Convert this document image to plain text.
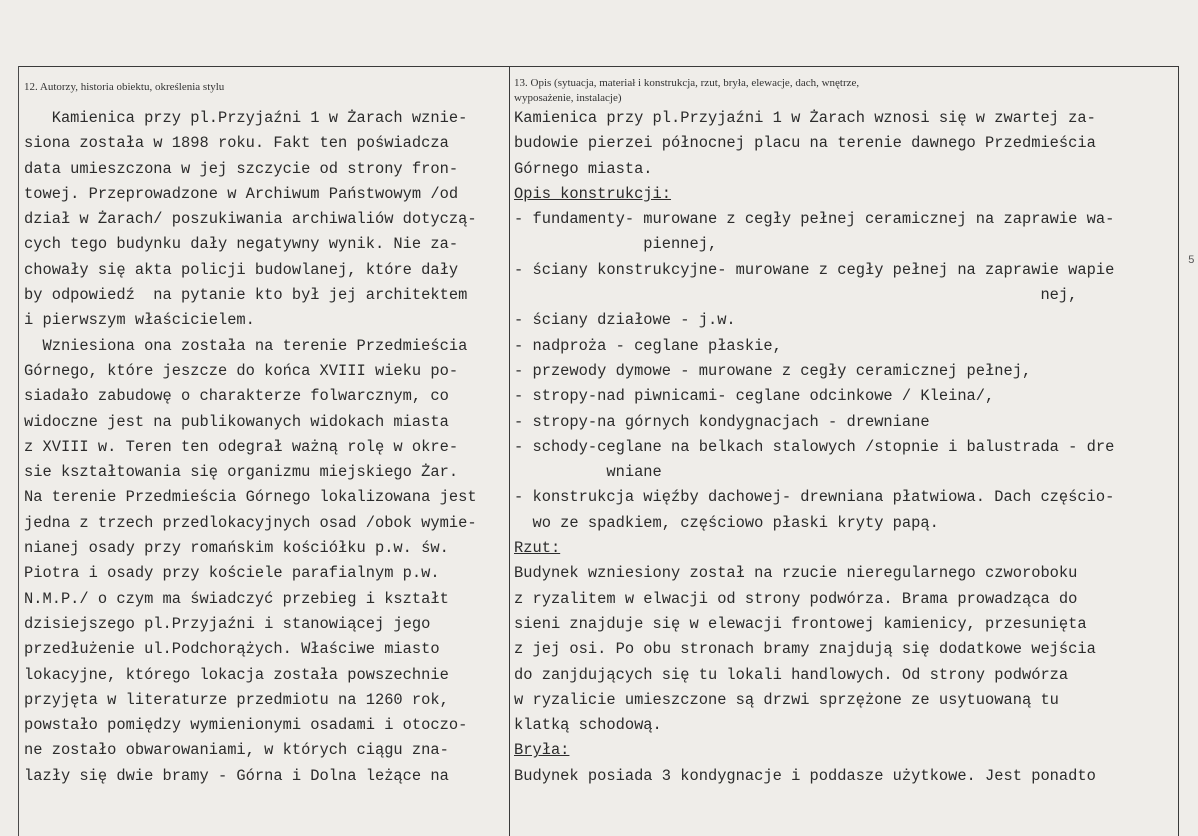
12. Autorzy, historia obiektu, określenia stylu	13. Opis (sytuacja, materiał i konstrukcja, rzut, bryła, elewacje, dach, wnętrze,
wyposażenie, instalacje)
Kamienica przy pl.Przyjaźni 1 w Żarach wznie-
siona została w 1898 roku. Fakt ten poświadcza
data umieszczona w jej szczycie od strony fron-
towej. Przeprowadzone w Archiwum Państwowym /od
dział w Żarach/ poszukiwania archiwaliów dotyczą-
cych tego budynku dały negatywny wynik. Nie za-
chowały się akta policji budowlanej, które dały
by odpowiedź  na pytanie kto był jej architektem
i pierwszym właścicielem.
Wzniesiona ona została na terenie Przedmieścia
Górnego, które jeszcze do końca XVIII wieku po-
siadało zabudowę o charakterze folwarcznym, co
widoczne jest na publikowanych widokach miasta
z XVIII w. Teren ten odegrał ważną rolę w okre-
sie kształtowania się organizmu miejskiego Żar.
Na terenie Przedmieścia Górnego lokalizowana jest
jedna z trzech przedlokacyjnych osad /obok wymie-
nianej osady przy romańskim kościółku p.w. św.
Piotra i osady przy kościele parafialnym p.w.
N.M.P./ o czym ma świadczyć przebieg i kształt
dzisiejszego pl.Przyjaźni i stanowiącej jego
przedłużenie ul.Podchorążych. Właściwe miasto
lokacyjne, którego lokacja została powszechnie
przyjęta w literaturze przedmiotu na 1260 rok,
powstało pomiędzy wymienionymi osadami i otoczo-
ne zostało obwarowaniami, w których ciągu zna-
lazły się dwie bramy - Górna i Dolna leżące na
Kamienica przy pl.Przyjaźni 1 w Żarach wznosi się w zwartej za-
budowie pierzei północnej placu na terenie dawnego Przedmieścia
Górnego miasta.
Opis konstrukcji:
- fundamenty- murowane z cegły pełnej ceramicznej na zaprawie wa-
piennej,
- ściany konstrukcyjne- murowane z cegły pełnej na zaprawie wapie
nej,
- ściany działowe - j.w.
- nadproża - ceglane płaskie,
- przewody dymowe - murowane z cegły ceramicznej pełnej,
- stropy-nad piwnicami- ceglane odcinkowe / Kleina/,
- stropy-na górnych kondygnacjach - drewniane
- schody-ceglane na belkach stalowych /stopnie i balustrada - dre
wniane
- konstrukcja więźby dachowej- drewniana płatwiowa. Dach częścio-
wo ze spadkiem, częściowo płaski kryty papą.
Rzut:
Budynek wzniesiony został na rzucie nieregularnego czworoboku
z ryzalitem w elwacji od strony podwórza. Brama prowadząca do
sieni znajduje się w elewacji frontowej kamienicy, przesunięta
z jej osi. Po obu stronach bramy znajdują się dodatkowe wejścia
do zanjdujących się tu lokali handlowych. Od strony podwórza
w ryzalicie umieszczone są drzwi sprzężone ze usytuowaną tu
klatką schodową.
Bryła:
Budynek posiada 3 kondygnacje i poddasze użytkowe. Jest ponadto
5
